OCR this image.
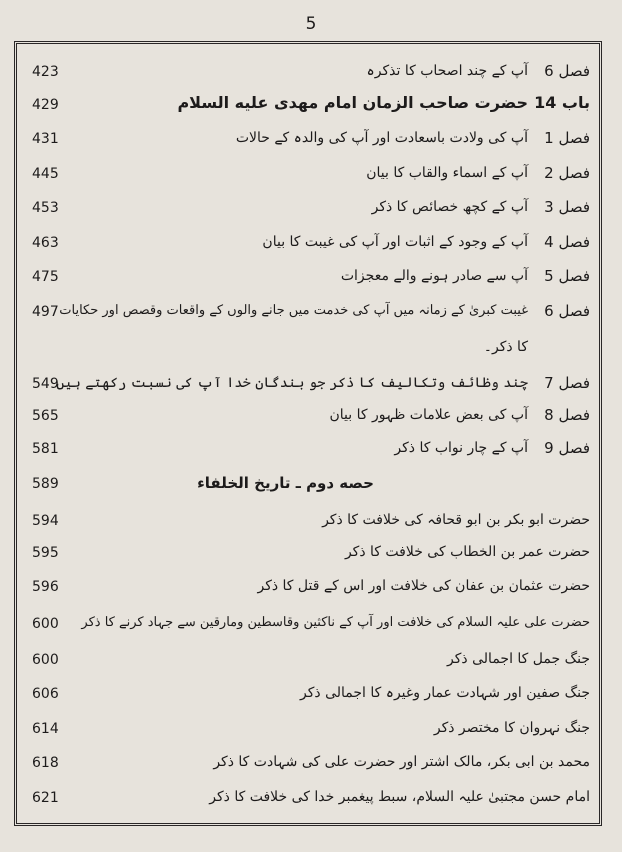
5
فصل 6
آپ کے چند اصحاب کا تذکرہ
423
باب 14
حضرت صاحب الزمان امام مهدی علیه السلام
429
فصل 1
آپ کی ولادت باسعادت اور آپ کی والدہ کے حالات
431
فصل 2
آپ کے اسماء والقاب کا بیان
445
فصل 3
آپ کے کچھ خصائص کا ذکر
453
فصل 4
آپ کے وجود کے اثبات اور آپ کی غیبت کا بیان
463
فصل 5
آپ سے صادر ہونے والے معجزات
475
فصل 6
غیبت کبریٰ کے زمانہ میں آپ کی خدمت میں جانے والوں کے واقعات وقصص اور حکایات
497
کا ذکر۔
فصل 7
چند وظائف وتکالیف کا ذکر جو بندگان خدا آپ کی نسبت رکھتے ہیں
549
فصل 8
آپ کی بعض علامات ظہور کا بیان
565
فصل 9
آپ کے چار نواب کا ذکر
581
حصه دوم ـ تاریخ الخلفاء
589
حضرت ابو بکر بن ابو قحافہ کی خلافت کا ذکر
594
حضرت عمر بن الخطاب کی خلافت کا ذکر
595
حضرت عثمان بن عفان کی خلافت اور اس کے قتل کا ذکر
596
حضرت علی علیہ السلام کی خلافت اور آپ کے ناکثین وقاسطین ومارقین سے جہاد کرنے کا ذکر
600
جنگ جمل کا اجمالی ذکر
600
جنگ صفین اور شہادت عمار وغیرہ کا اجمالی ذکر
606
جنگ نہروان کا مختصر ذکر
614
محمد بن ابی بکر، مالک اشتر اور حضرت علی کی شہادت کا ذکر
618
امام حسن مجتبیٰ علیہ السلام، سبط پیغمبر خدا کی خلافت کا ذکر
621
